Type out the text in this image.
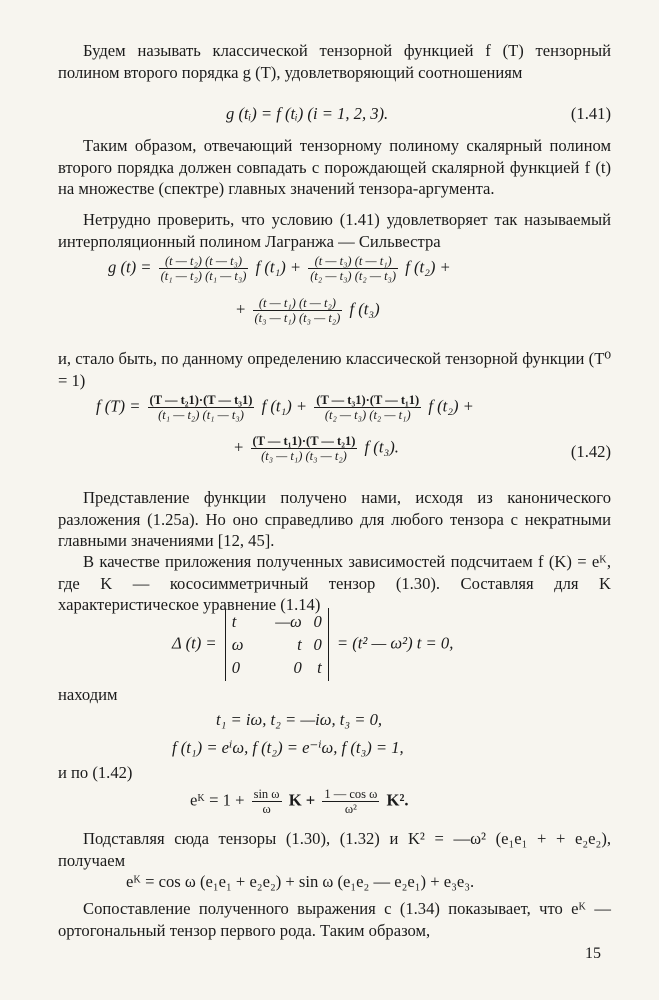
Будем называть классической тензорной функцией f (T) тензорный полином второго порядка g (T), удовлетворяющий соотношениям

g (tᵢ) = f (tᵢ) (i = 1, 2, 3).	(1.41)

Таким образом, отвечающий тензорному полиному скалярный полином второго порядка должен совпадать с порождающей скалярной функцией f (t) на множестве (спектре) главных значений тензора-аргумента.

Нетрудно проверить, что условию (1.41) удовлетворяет так называемый интерполяционный полином Лагранжа — Сильвестра

g $(t) = \frac{\text{(t — t₂) (t — t₃)}}{\text{(t₁ — t₂) (t₁ — t₃)}}$ f $(t_1) + \frac{\text{(t — t₃) (t — t₁)}}{\text{(t₂ — t₃) (t₂ — t₃)}}$ f (t₂) +
+ $\frac{\text{(t — t₁) (t — t₂)}}{\text{(t₃ — t₁) (t₃ — t₂)}}$ f (t₃)

и, стало быть, по данному определению классической тензорной функции (T⁰ = 1)

f $(T) = \frac{\text{(T — t₂1)·(T — t₃1)}}{\text{(t₁ — t₂) (t₁ — t₃)}}$ f $(t_1) + \frac{\text{(T — t₃1)·(T — t₁1)}}{\text{(t₂ — t₃) (t₂ — t₁)}}$ f (t₂) +
+ $\frac{\text{(T — t₁1)·(T — t₂1)}}{\text{(t₃ — t₁) (t₃ — t₂)}}$ f (t₃).	(1.42)

Представление функции получено нами, исходя из канонического разложения (1.25a). Но оно справедливо для любого тензора с некратными главными значениями [12, 45].

В качестве приложения полученных зависимостей подсчитаем f (K) = eᴷ, где K — кососимметричный тензор (1.30). Составляя для K характеристическое уравнение (1.14)

Δ (t) =
t	—ω 0
ω	t 0
0	0 t
= (t² — ω²) t = 0,

находим

t₁ = iω, t₂ = —iω, t₃ = 0,
f (t₁) = eⁱω, f (t₂) = e⁻ⁱω, f (t₃) = 1,

и по (1.42)

eᴷ = $1 + \frac{\text{sin ω}}{\omega}$ $K + \frac{\text{1 — cos ω}}{\text{ω²}} K^2$.

Подставляя сюда тензоры (1.30), (1.32) и K² = —ω² (e₁e₁ + + e₂e₂), получаем

eᴷ = cos ω (e₁e₁ + e₂e₂) + sin ω (e₁e₂ — e₂e₁) + e₃e₃.

Сопоставление полученного выражения с (1.34) показывает, что eᴷ — ортогональный тензор первого рода. Таким образом,

15
